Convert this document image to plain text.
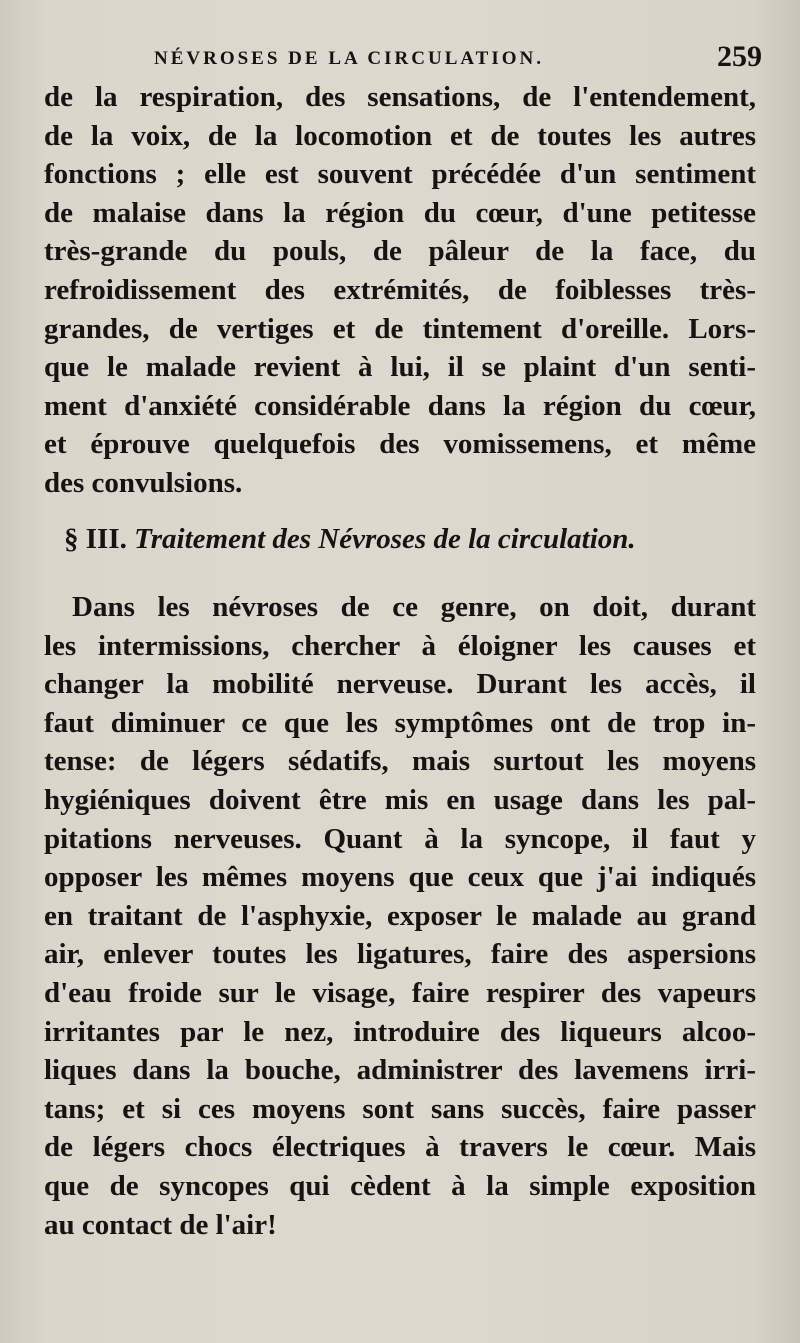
NÉVROSES DE LA CIRCULATION.	259
de la respiration, des sensations, de l'entendement,
de la voix, de la locomotion et de toutes les autres
fonctions ; elle est souvent précédée d'un sentiment
de malaise dans la région du cœur, d'une petitesse
très-grande du pouls, de pâleur de la face, du
refroidissement des extrémités, de foiblesses très-
grandes, de vertiges et de tintement d'oreille. Lors-
que le malade revient à lui, il se plaint d'un senti-
ment d'anxiété considérable dans la région du cœur,
et éprouve quelquefois des vomissemens, et même
des convulsions.
§ III. Traitement des Névroses de la circulation.
Dans les névroses de ce genre, on doit, durant
les intermissions, chercher à éloigner les causes et
changer la mobilité nerveuse. Durant les accès, il
faut diminuer ce que les symptômes ont de trop in-
tense: de légers sédatifs, mais surtout les moyens
hygiéniques doivent être mis en usage dans les pal-
pitations nerveuses. Quant à la syncope, il faut y
opposer les mêmes moyens que ceux que j'ai indiqués
en traitant de l'asphyxie, exposer le malade au grand
air, enlever toutes les ligatures, faire des aspersions
d'eau froide sur le visage, faire respirer des vapeurs
irritantes par le nez, introduire des liqueurs alcoo-
liques dans la bouche, administrer des lavemens irri-
tans; et si ces moyens sont sans succès, faire passer
de légers chocs électriques à travers le cœur. Mais
que de syncopes qui cèdent à la simple exposition
au contact de l'air!
